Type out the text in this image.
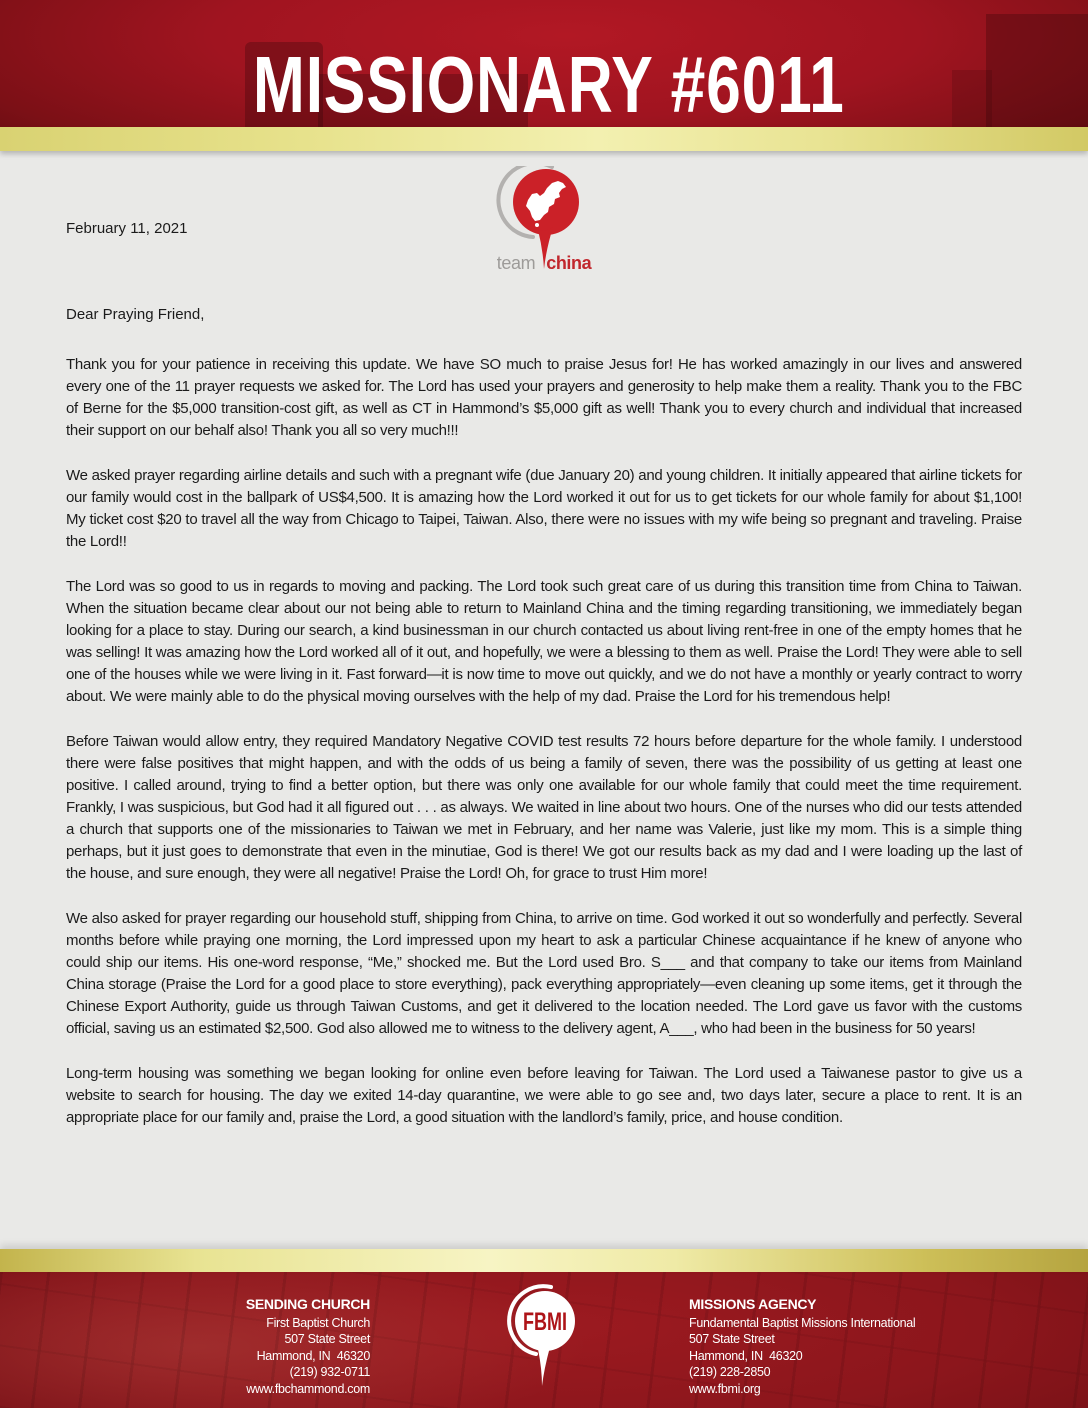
MISSIONARY #6011
team china
February 11, 2021
Dear Praying Friend,

Thank you for your patience in receiving this update. We have SO much to praise Jesus for! He has worked amazingly in our lives and answered every one of the 11 prayer requests we asked for. The Lord has used your prayers and generosity to help make them a reality. Thank you to the FBC of Berne for the $5,000 transition-cost gift, as well as CT in Hammond’s $5,000 gift as well! Thank you to every church and individual that increased their support on our behalf also! Thank you all so very much!!!

We asked prayer regarding airline details and such with a pregnant wife (due January 20) and young children. It initially appeared that airline tickets for our family would cost in the ballpark of US$4,500. It is amazing how the Lord worked it out for us to get tickets for our whole family for about $1,100! My ticket cost $20 to travel all the way from Chicago to Taipei, Taiwan. Also, there were no issues with my wife being so pregnant and traveling. Praise the Lord!!

The Lord was so good to us in regards to moving and packing. The Lord took such great care of us during this transition time from China to Taiwan. When the situation became clear about our not being able to return to Mainland China and the timing regarding transitioning, we immediately began looking for a place to stay. During our search, a kind businessman in our church contacted us about living rent-free in one of the empty homes that he was selling! It was amazing how the Lord worked all of it out, and hopefully, we were a blessing to them as well. Praise the Lord! They were able to sell one of the houses while we were living in it. Fast forward—it is now time to move out quickly, and we do not have a monthly or yearly contract to worry about. We were mainly able to do the physical moving ourselves with the help of my dad. Praise the Lord for his tremendous help!

Before Taiwan would allow entry, they required Mandatory Negative COVID test results 72 hours before departure for the whole family. I understood there were false positives that might happen, and with the odds of us being a family of seven, there was the possibility of us getting at least one positive. I called around, trying to find a better option, but there was only one available for our whole family that could meet the time requirement. Frankly, I was suspicious, but God had it all figured out . . . as always. We waited in line about two hours. One of the nurses who did our tests attended a church that supports one of the missionaries to Taiwan we met in February, and her name was Valerie, just like my mom. This is a simple thing perhaps, but it just goes to demonstrate that even in the minutiae, God is there! We got our results back as my dad and I were loading up the last of the house, and sure enough, they were all negative! Praise the Lord! Oh, for grace to trust Him more!

We also asked for prayer regarding our household stuff, shipping from China, to arrive on time. God worked it out so wonderfully and perfectly. Several months before while praying one morning, the Lord impressed upon my heart to ask a particular Chinese acquaintance if he knew of anyone who could ship our items. His one-word response, “Me,” shocked me. But the Lord used Bro. S___ and that company to take our items from Mainland China storage (Praise the Lord for a good place to store everything), pack everything appropriately—even cleaning up some items, get it through the Chinese Export Authority, guide us through Taiwan Customs, and get it delivered to the location needed. The Lord gave us favor with the customs official, saving us an estimated $2,500. God also allowed me to witness to the delivery agent, A___, who had been in the business for 50 years!

Long-term housing was something we began looking for online even before leaving for Taiwan. The Lord used a Taiwanese pastor to give us a website to search for housing. The day we exited 14-day quarantine, we were able to go see and, two days later, secure a place to rent. It is an appropriate place for our family and, praise the Lord, a good situation with the landlord’s family, price, and house condition.

SENDING CHURCH
First Baptist Church
507 State Street
Hammond, IN  46320
(219) 932-0711
www.fbchammond.com
FBMI
MISSIONS AGENCY
Fundamental Baptist Missions International
507 State Street
Hammond, IN  46320
(219) 228-2850
www.fbmi.org
